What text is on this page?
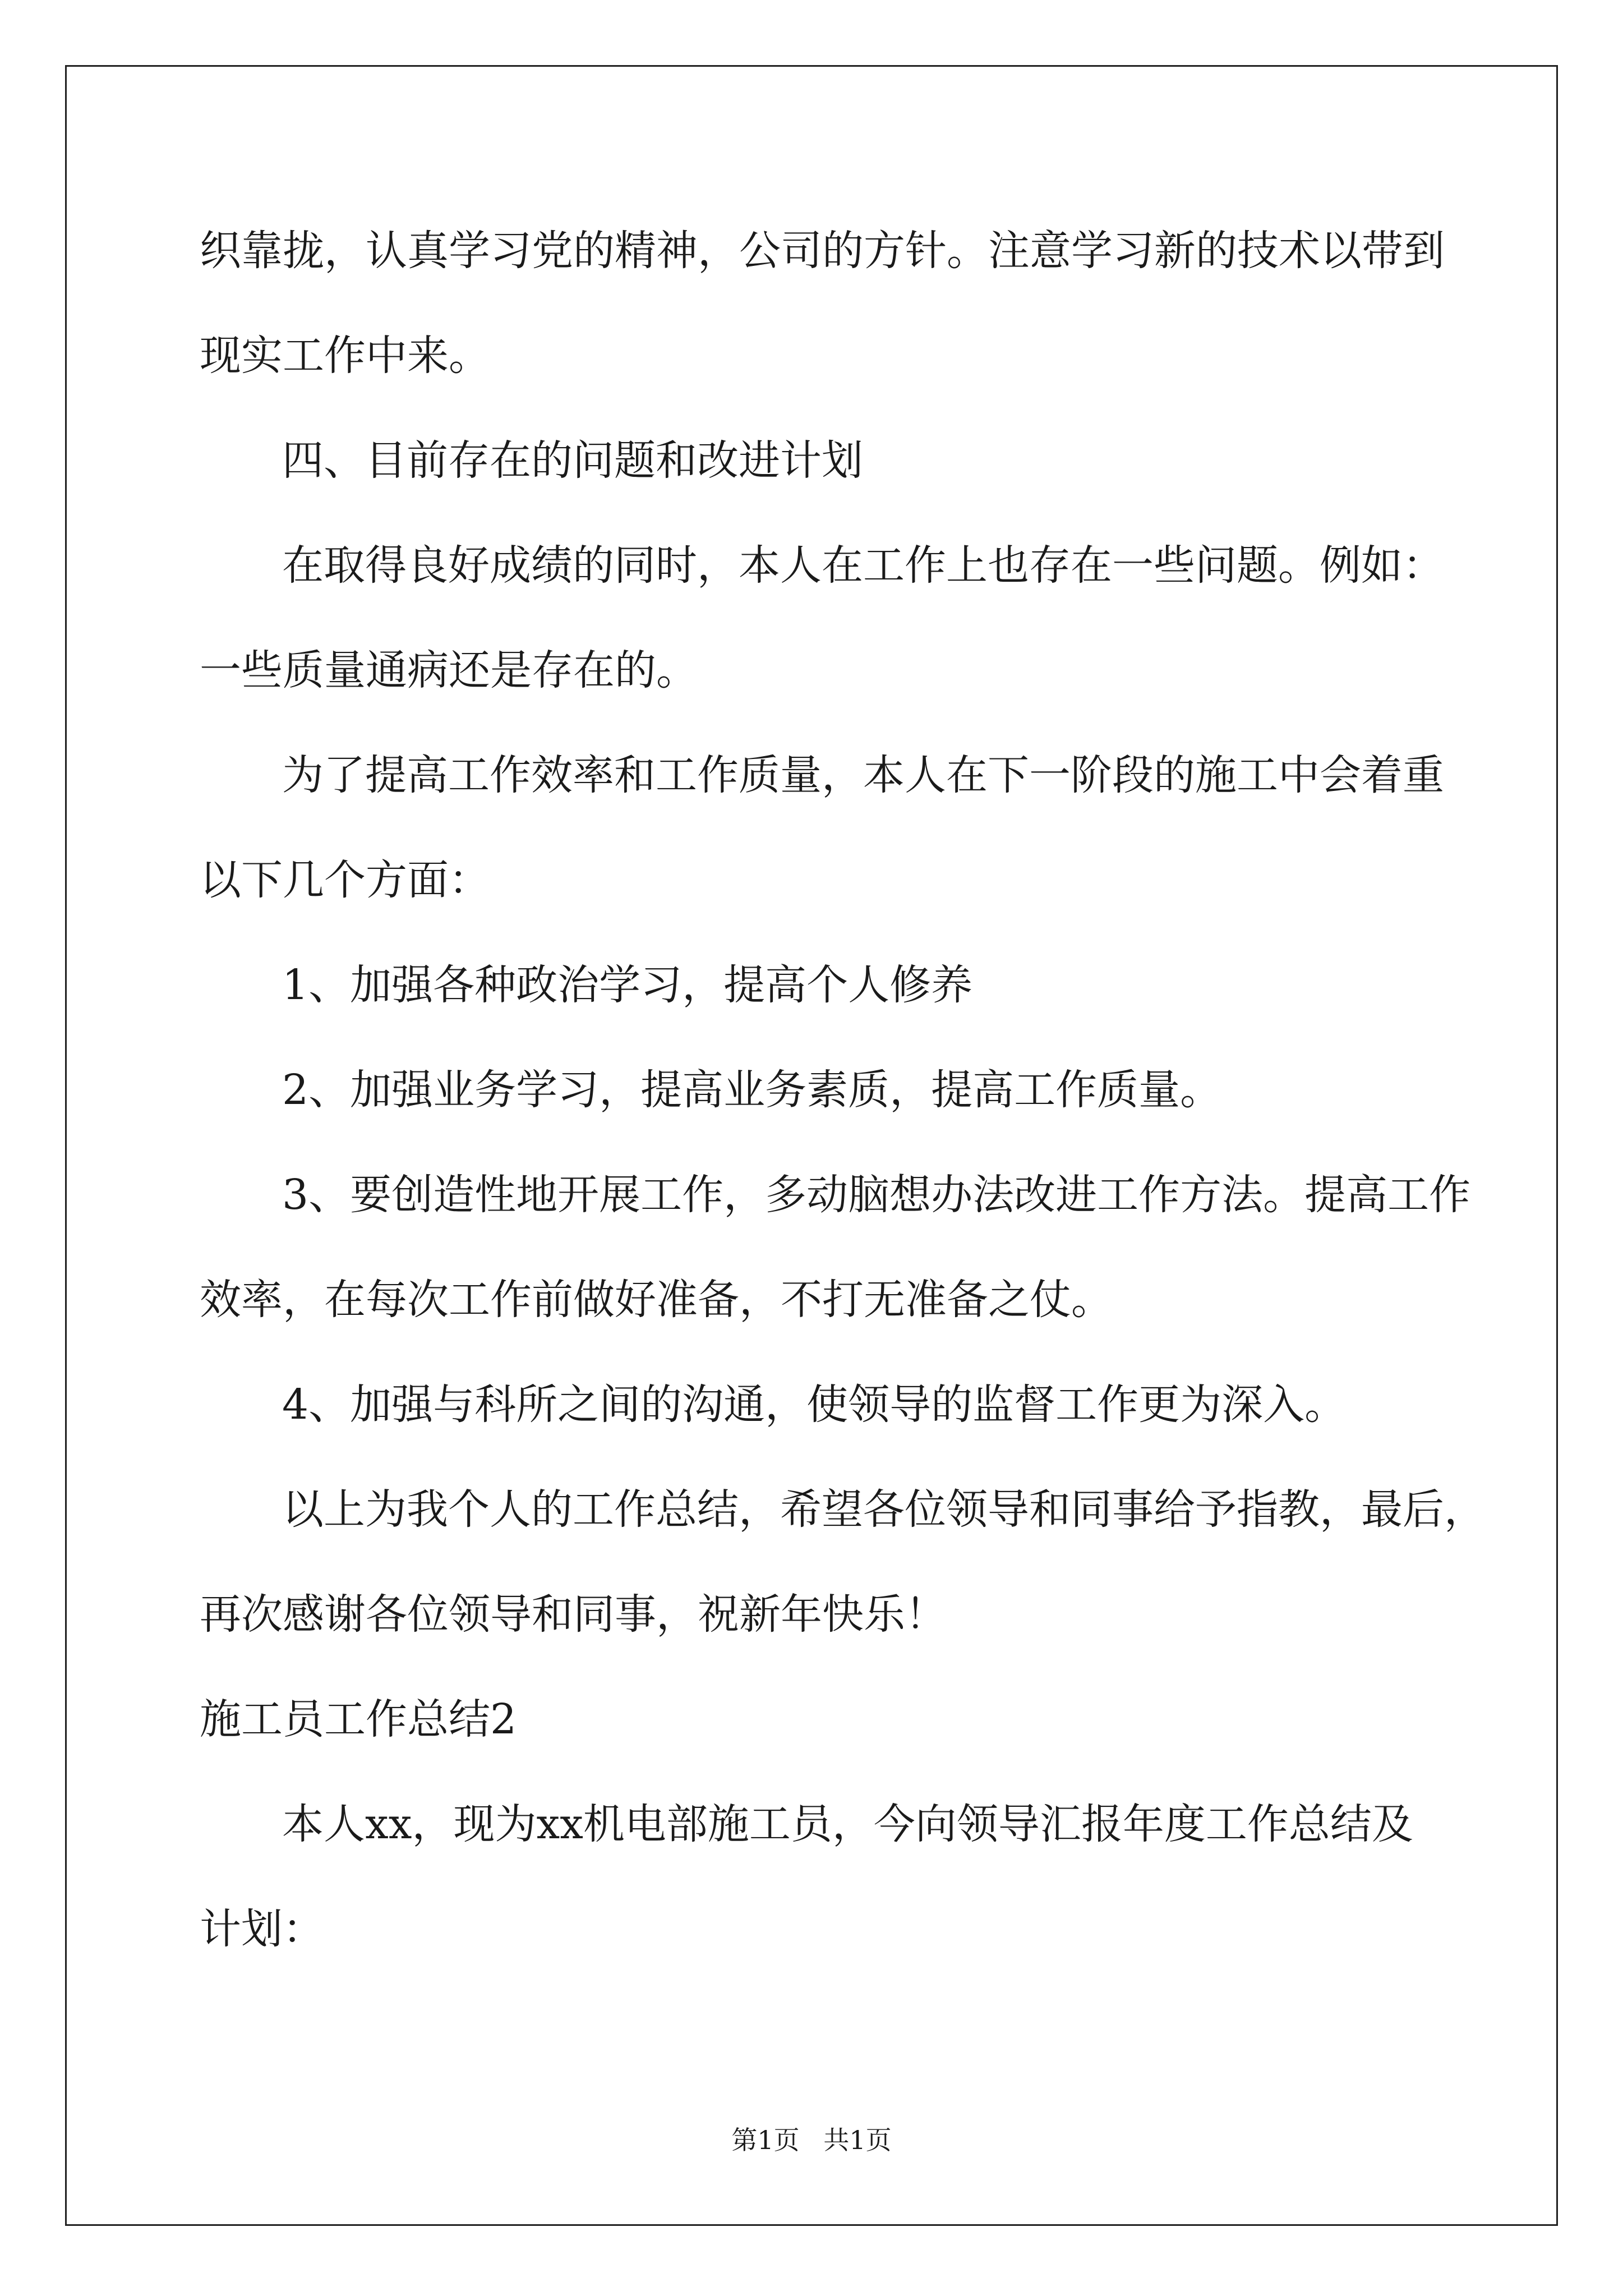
织靠拢，认真学习党的精神，公司的方针。注意学习新的技术以带到
现实工作中来。
四、目前存在的问题和改进计划
在取得良好成绩的同时，本人在工作上也存在一些问题。例如：
一些质量通病还是存在的。
为了提高工作效率和工作质量，本人在下一阶段的施工中会着重
以下几个方面：
1、加强各种政治学习，提高个人修养
2、加强业务学习，提高业务素质，提高工作质量。
3、要创造性地开展工作，多动脑想办法改进工作方法。提高工作
效率，在每次工作前做好准备，不打无准备之仗。
4、加强与科所之间的沟通，使领导的监督工作更为深入。
以上为我个人的工作总结，希望各位领导和同事给予指教，最后，
再次感谢各位领导和同事，祝新年快乐！
施工员工作总结2
本人xx，现为xx机电部施工员，今向领导汇报年度工作总结及
计划：
第1页 共1页
